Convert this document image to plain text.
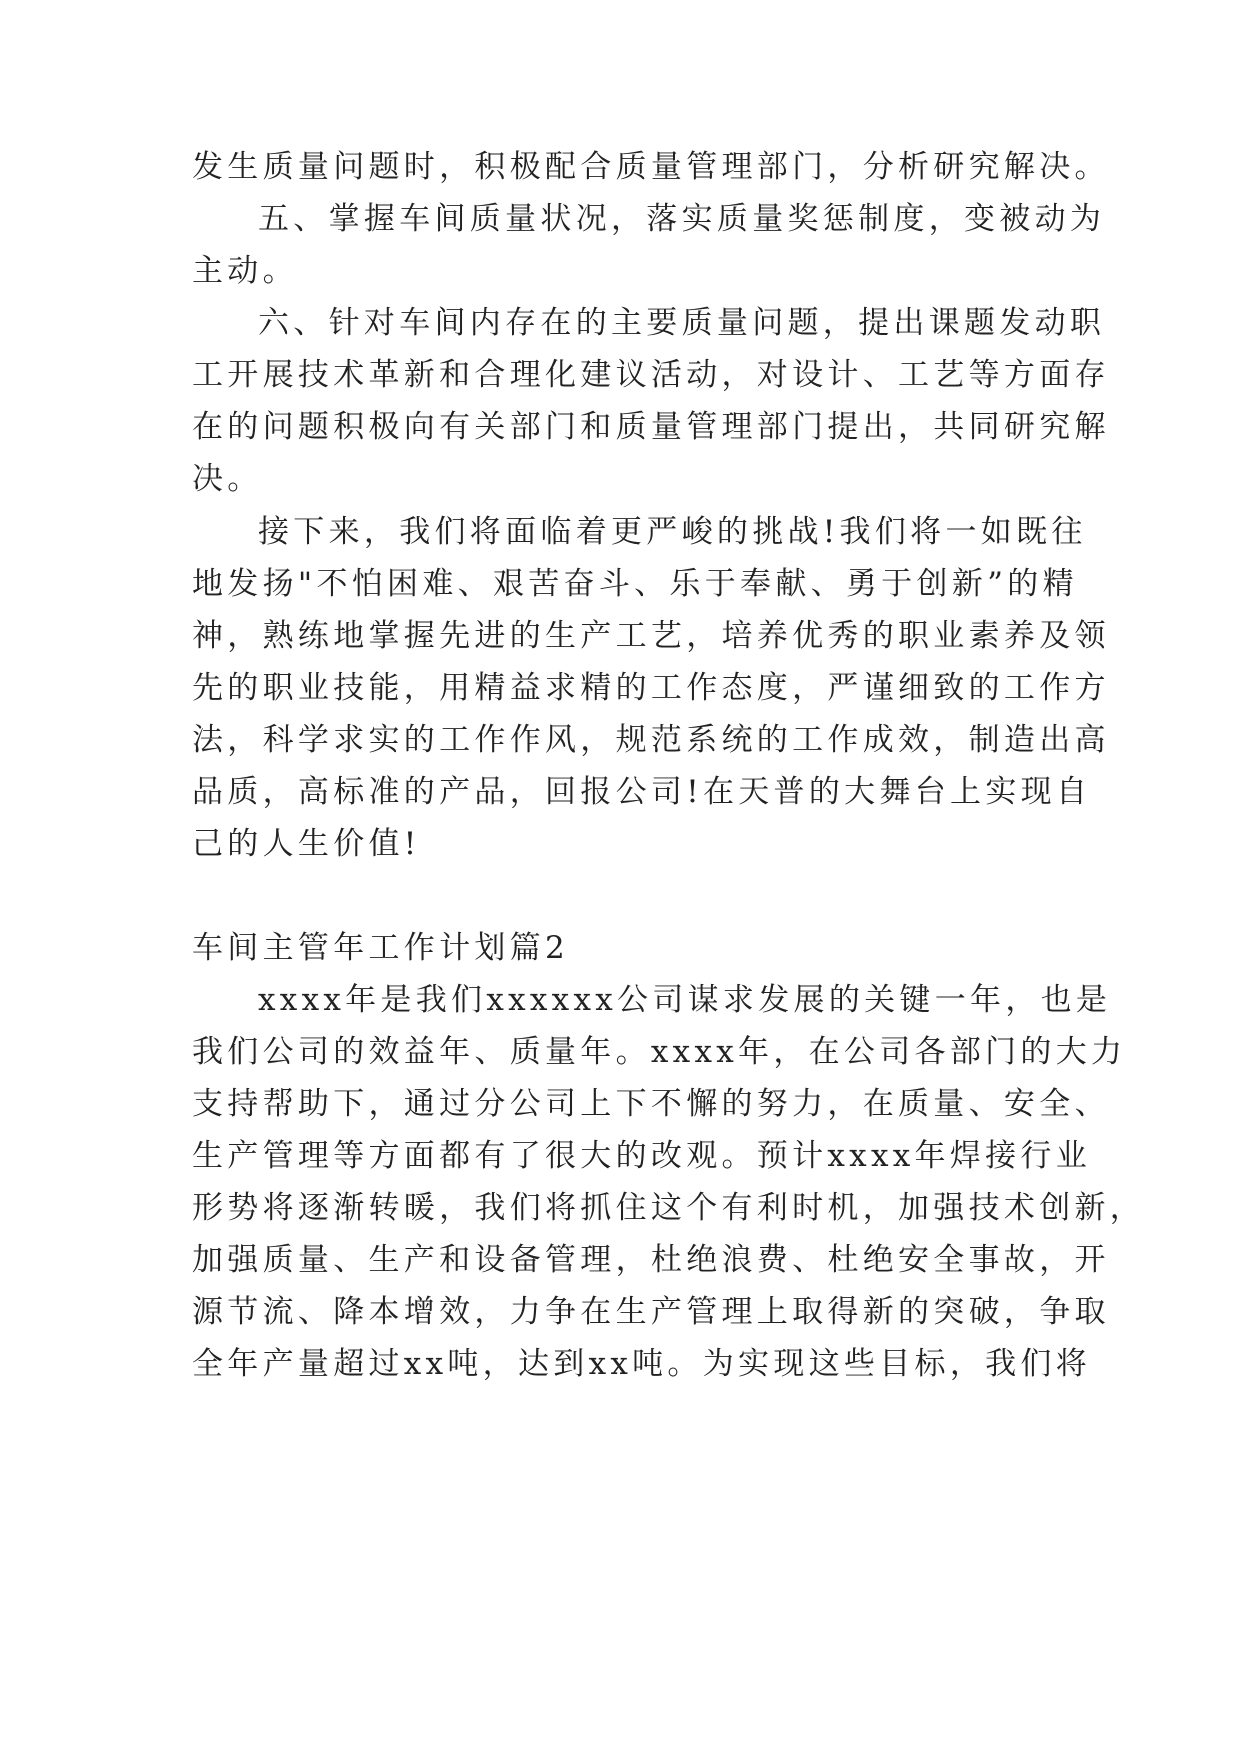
发生质量问题时，积极配合质量管理部门，分析研究解决。
五、掌握车间质量状况，落实质量奖惩制度，变被动为
主动。
六、针对车间内存在的主要质量问题，提出课题发动职
工开展技术革新和合理化建议活动，对设计、工艺等方面存
在的问题积极向有关部门和质量管理部门提出，共同研究解
决。
接下来，我们将面临着更严峻的挑战!我们将一如既往
地发扬"不怕困难、艰苦奋斗、乐于奉献、勇于创新”的精
神，熟练地掌握先进的生产工艺，培养优秀的职业素养及领
先的职业技能，用精益求精的工作态度，严谨细致的工作方
法，科学求实的工作作风，规范系统的工作成效，制造出高
品质，高标准的产品，回报公司!在天普的大舞台上实现自
己的人生价值!
车间主管年工作计划篇2
xxxx年是我们xxxxxx公司谋求发展的关键一年，也是
我们公司的效益年、质量年。xxxx年，在公司各部门的大力
支持帮助下，通过分公司上下不懈的努力，在质量、安全、
生产管理等方面都有了很大的改观。预计xxxx年焊接行业
形势将逐渐转暖，我们将抓住这个有利时机，加强技术创新，
加强质量、生产和设备管理，杜绝浪费、杜绝安全事故，开
源节流、降本增效，力争在生产管理上取得新的突破，争取
全年产量超过xx吨，达到xx吨。为实现这些目标，我们将
